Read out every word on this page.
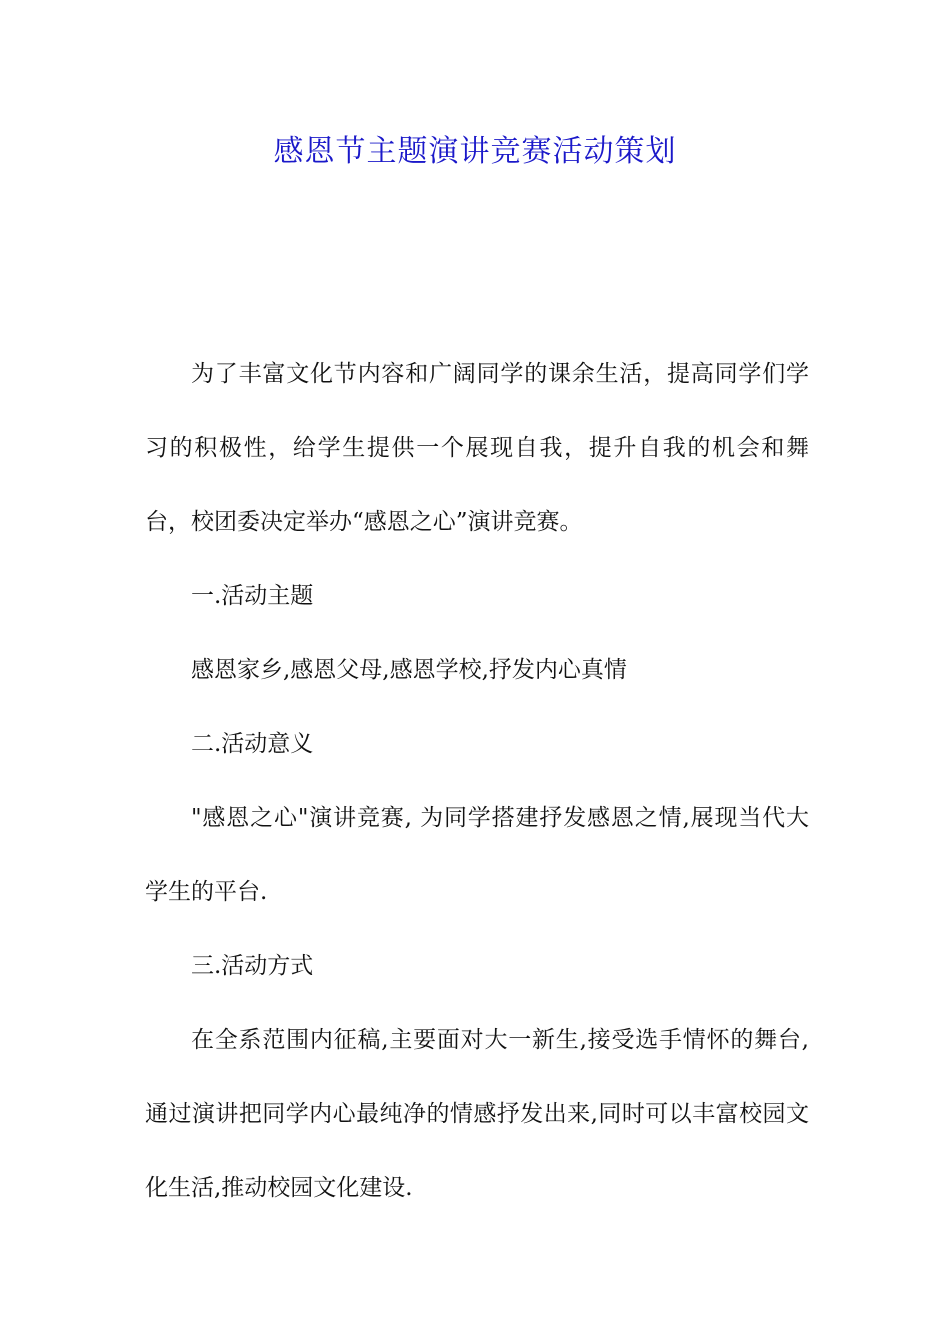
感恩节主题演讲竞赛活动策划

为了丰富文化节内容和广阔同学的课余生活，提高同学们学习的积极性，给学生提供一个展现自我，提升自我的机会和舞台，校团委决定举办“感恩之心”演讲竞赛。

一.活动主题

感恩家乡,感恩父母,感恩学校,抒发内心真情

二.活动意义

"感恩之心"演讲竞赛, 为同学搭建抒发感恩之情,展现当代大学生的平台.

三.活动方式

在全系范围内征稿,主要面对大一新生,接受选手情怀的舞台,通过演讲把同学内心最纯净的情感抒发出来,同时可以丰富校园文化生活,推动校园文化建设.
